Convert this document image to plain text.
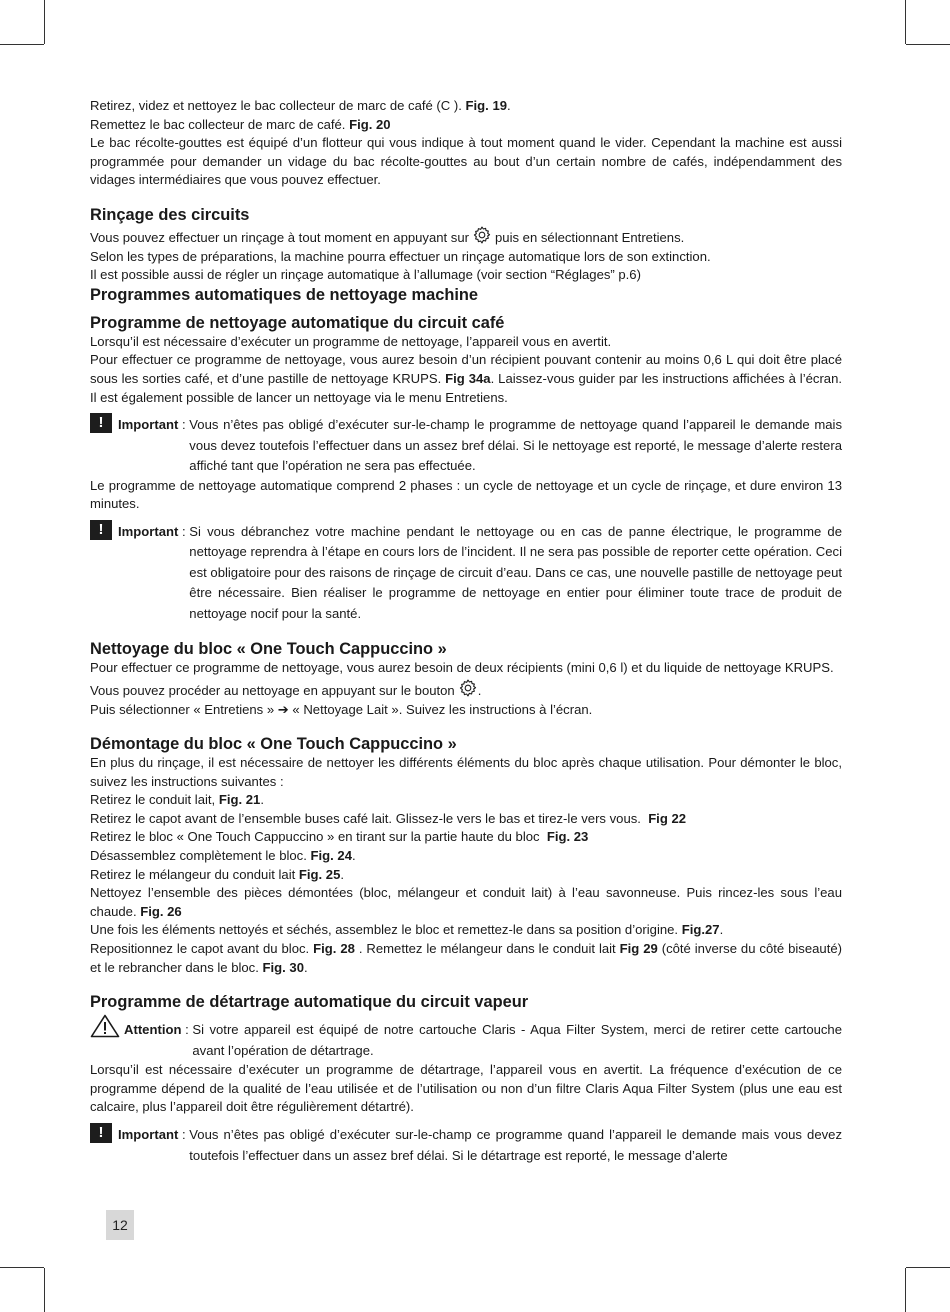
Retirez, videz et nettoyez le bac collecteur de marc de café (C ). Fig. 19.

Remettez le bac collecteur de marc de café. Fig. 20

Le bac récolte-gouttes est équipé d’un flotteur qui vous indique à tout moment quand le vider. Cependant la machine est aussi programmée pour demander un vidage du bac récolte-gouttes au bout d’un certain nombre de cafés, indépendamment des vidages intermédiaires que vous pouvez effectuer.

Rinçage des circuits

Vous pouvez effectuer un rinçage à tout moment en appuyant sur puis en sélectionnant Entretiens.

Selon les types de préparations, la machine pourra effectuer un rinçage automatique lors de son extinction.

Il est possible aussi de régler un rinçage automatique à l’allumage (voir section “Réglages” p.6)

Programmes automatiques de nettoyage machine
Programme de nettoyage automatique du circuit café

Lorsqu’il est nécessaire d’exécuter un programme de nettoyage, l’appareil vous en avertit.

Pour effectuer ce programme de nettoyage, vous aurez besoin d’un récipient pouvant contenir au moins 0,6 L qui doit être placé sous les sorties café, et d’une pastille de nettoyage KRUPS. Fig 34a. Laissez-vous guider par les instructions affichées à l’écran. Il est également possible de lancer un nettoyage via le menu Entretiens.

!	Important : Vous n’êtes pas obligé d’exécuter sur-le-champ le programme de nettoyage quand l’appareil le demande mais vous devez toutefois l’effectuer dans un assez bref délai. Si le nettoyage est reporté, le message d’alerte restera affiché tant que l’opération ne sera pas effectuée.

Le programme de nettoyage automatique comprend 2 phases : un cycle de nettoyage et un cycle de rinçage, et dure environ 13 minutes.

!	Important : Si vous débranchez votre machine pendant le nettoyage ou en cas de panne électrique, le programme de nettoyage reprendra à l’étape en cours lors de l’incident. Il ne sera pas possible de reporter cette opération. Ceci est obligatoire pour des raisons de rinçage de circuit d’eau. Dans ce cas, une nouvelle pastille de nettoyage peut être nécessaire. Bien réaliser le programme de nettoyage en entier pour éliminer toute trace de produit de nettoyage nocif pour la santé.
Nettoyage du bloc « One Touch Cappuccino »

Pour effectuer ce programme de nettoyage, vous aurez besoin de deux récipients (mini 0,6 l) et du liquide de nettoyage KRUPS.

Vous pouvez procéder au nettoyage en appuyant sur le bouton .

Puis sélectionner « Entretiens » ➔ « Nettoyage Lait ». Suivez les instructions à l’écran.

Démontage du bloc « One Touch Cappuccino »

En plus du rinçage, il est nécessaire de nettoyer les différents éléments du bloc après chaque utilisation. Pour démonter le bloc, suivez les instructions suivantes :

Retirez le conduit lait, Fig. 21.

Retirez le capot avant de l’ensemble buses café lait. Glissez-le vers le bas et tirez-le vers vous.  Fig 22

Retirez le bloc « One Touch Cappuccino » en tirant sur la partie haute du bloc  Fig. 23

Désassemblez complètement le bloc. Fig. 24.

Retirez le mélangeur du conduit lait Fig. 25.

Nettoyez l’ensemble des pièces démontées (bloc, mélangeur et conduit lait) à l’eau savonneuse. Puis rincez-les sous l’eau chaude. Fig. 26

Une fois les éléments nettoyés et séchés, assemblez le bloc et remettez-le dans sa position d’origine. Fig.27.

Repositionnez le capot avant du bloc. Fig. 28 . Remettez le mélangeur dans le conduit lait Fig 29 (côté inverse du côté biseauté) et le rebrancher dans le bloc. Fig. 30.

Programme de détartrage automatique du circuit vapeur
Attention : Si votre appareil est équipé de notre cartouche Claris - Aqua Filter System, merci de retirer cette cartouche avant l’opération de détartrage.

Lorsqu’il est nécessaire d’exécuter un programme de détartrage, l’appareil vous en avertit. La fréquence d’exécution de ce programme dépend de la qualité de l’eau utilisée et de l’utilisation ou non d’un filtre Claris Aqua Filter System (plus une eau est calcaire, plus l’appareil doit être régulièrement détartré).

!	Important : Vous n’êtes pas obligé d’exécuter sur-le-champ ce programme quand l’appareil le demande mais vous devez toutefois l’effectuer dans un assez bref délai. Si le détartrage est reporté, le message d’alerte
12
